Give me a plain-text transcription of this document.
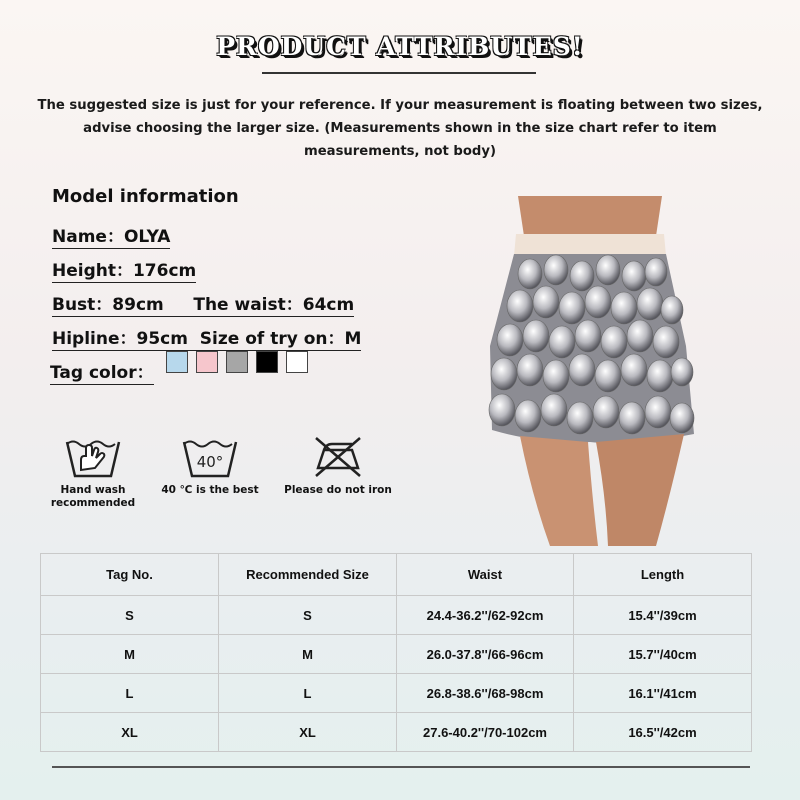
PRODUCT ATTRIBUTES!
The suggested size is just for your reference. If your measurement is floating between two sizes, advise choosing the larger size. (Measurements shown in the size chart refer to item measurements, not body)
Model information
Name：OLYA
Height：176cm
Bust：89cm     The waist：64cm
Hipline：95cm  Size of try on：M
Tag color：
Hand wash recommended
40°
40 ℃ is the best	Please do not iron
Tag No.	Recommended Size	Waist	Length
S	S	24.4-36.2''/62-92cm	15.4''/39cm
M	M	26.0-37.8''/66-96cm	15.7''/40cm
L	L	26.8-38.6''/68-98cm	16.1''/41cm
XL	XL	27.6-40.2''/70-102cm	16.5''/42cm
